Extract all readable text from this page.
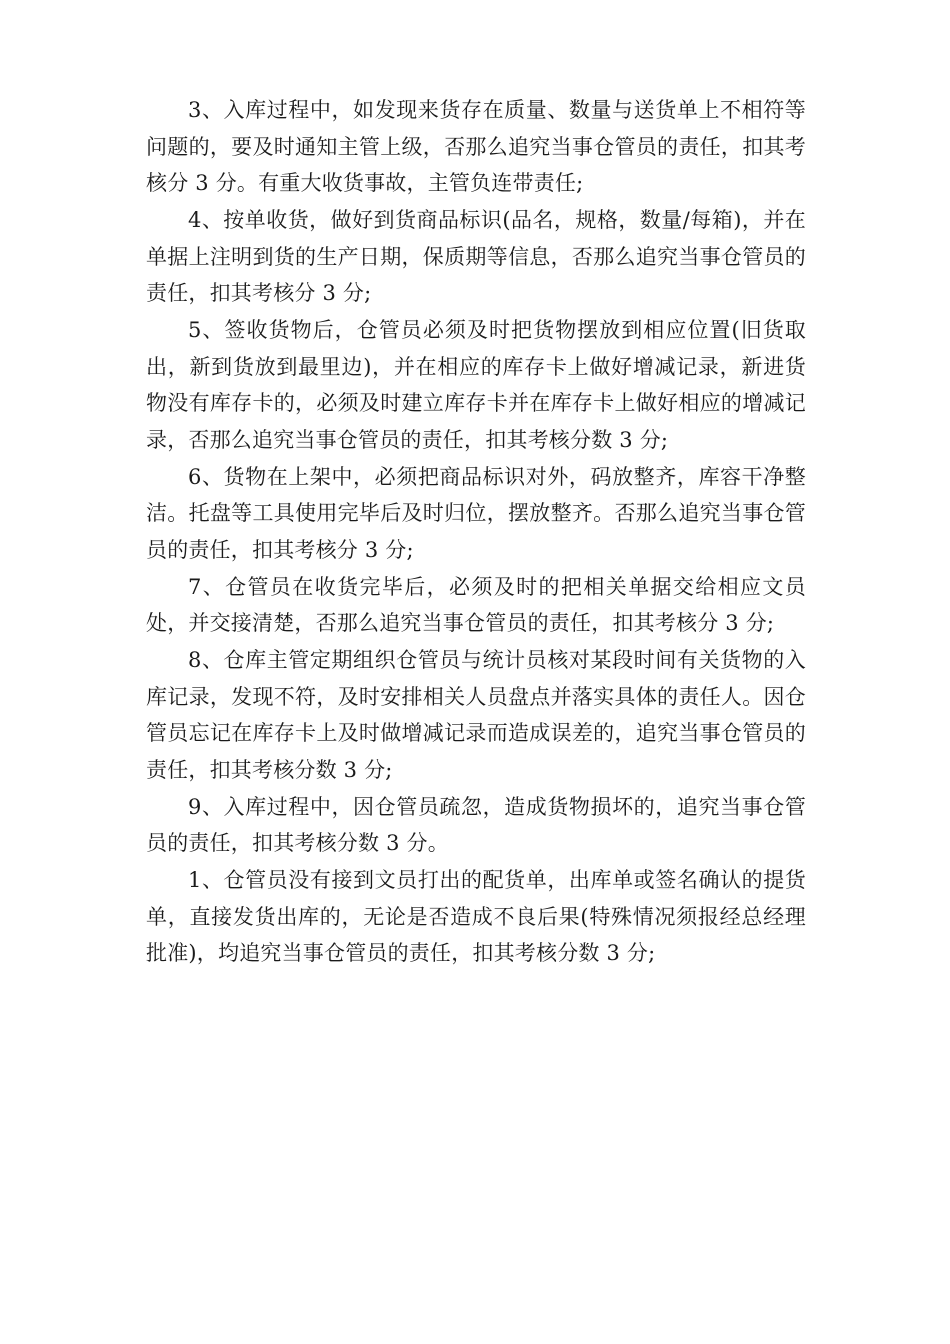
3、入库过程中，如发现来货存在质量、数量与送货单上不相符等问题的，要及时通知主管上级，否那么追究当事仓管员的责任，扣其考核分 3 分。有重大收货事故，主管负连带责任;

4、按单收货，做好到货商品标识(品名，规格，数量/每箱)，并在单据上注明到货的生产日期，保质期等信息，否那么追究当事仓管员的责任，扣其考核分 3 分;

5、签收货物后，仓管员必须及时把货物摆放到相应位置(旧货取出，新到货放到最里边)，并在相应的库存卡上做好增减记录，新进货物没有库存卡的，必须及时建立库存卡并在库存卡上做好相应的增减记录，否那么追究当事仓管员的责任，扣其考核分数 3 分;

6、货物在上架中，必须把商品标识对外，码放整齐，库容干净整洁。托盘等工具使用完毕后及时归位，摆放整齐。否那么追究当事仓管员的责任，扣其考核分 3 分;

7、仓管员在收货完毕后，必须及时的把相关单据交给相应文员处，并交接清楚，否那么追究当事仓管员的责任，扣其考核分 3 分;

8、仓库主管定期组织仓管员与统计员核对某段时间有关货物的入库记录，发现不符，及时安排相关人员盘点并落实具体的责任人。因仓管员忘记在库存卡上及时做增减记录而造成误差的，追究当事仓管员的责任，扣其考核分数 3 分;

9、入库过程中，因仓管员疏忽，造成货物损坏的，追究当事仓管员的责任，扣其考核分数 3 分。

1、仓管员没有接到文员打出的配货单，出库单或签名确认的提货单，直接发货出库的，无论是否造成不良后果(特殊情况须报经总经理批准)，均追究当事仓管员的责任，扣其考核分数 3 分;
